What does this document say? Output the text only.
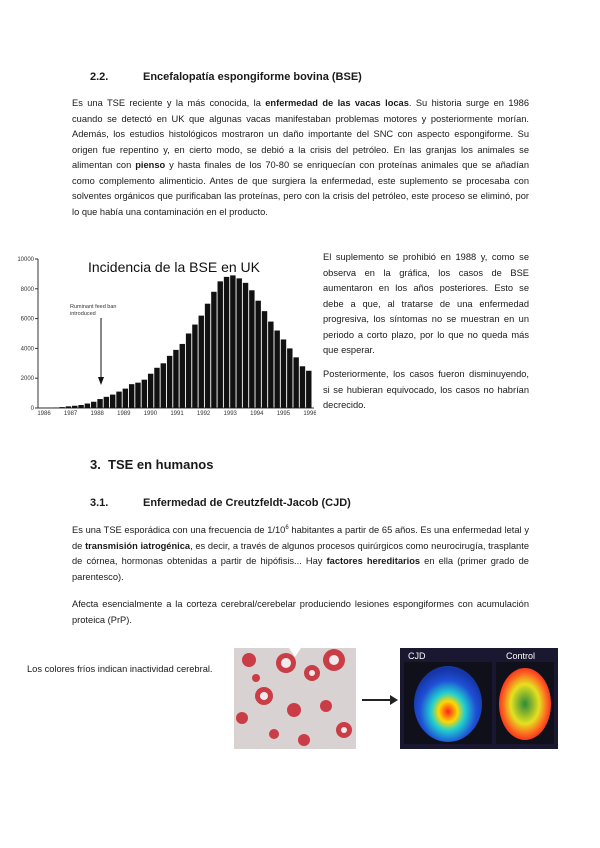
2.2.	Encefalopatía espongiforme bovina (BSE)
Es una TSE reciente y la más conocida, la enfermedad de las vacas locas. Su historia surge en 1986 cuando se detectó en UK que algunas vacas manifestaban problemas motores y posteriormente morían. Además, los estudios histológicos mostraron un daño importante del SNC con aspecto espongiforme. Su origen fue repentino y, en cierto modo, se debió a la crisis del petróleo. En las granjas los animales se alimentan con pienso y hasta finales de los 70-80 se enriquecían con proteínas animales que se añadían como complemento alimenticio. Antes de que surgiera la enfermedad, este suplemento se procesaba con solventes orgánicos que purificaban las proteínas, pero con la crisis del petróleo, este proceso se eliminó, por lo que había una contaminación en el producto.
Incidencia de la BSE en UK
10000
8000
6000
4000
2000
0
1986 1987 1988 1989 1990 1991 1992 1993 1994 1995 1996
Ruminant feed ban
introduced
El suplemento se prohibió en 1988 y, como se observa en la gráfica, los casos de BSE aumentaron en los años posteriores. Esto se debe a que, al tratarse de una enfermedad progresiva, los síntomas no se muestran en un periodo a corto plazo, por lo que no queda más que esperar.
Posteriormente, los casos fueron disminuyendo, si se hubieran equivocado, los casos no habrían decrecido.
3. TSE en humanos
3.1.	Enfermedad de Creutzfeldt-Jacob (CJD)
Es una TSE esporádica con una frecuencia de $1/10^6$ habitantes a partir de 65 años. Es una enfermedad letal y de transmisión iatrogénica, es decir, a través de algunos procesos quirúrgicos como neurocirugía, trasplante de córnea, hormonas obtenidas a partir de hipófisis... Hay factores hereditarios en ella (primer grado de parentesco).
Afecta esencialmente a la corteza cerebral/cerebelar produciendo lesiones espongiformes con acumulación proteica (PrP).
Los colores fríos indican inactividad cerebral.
CJD	Control
